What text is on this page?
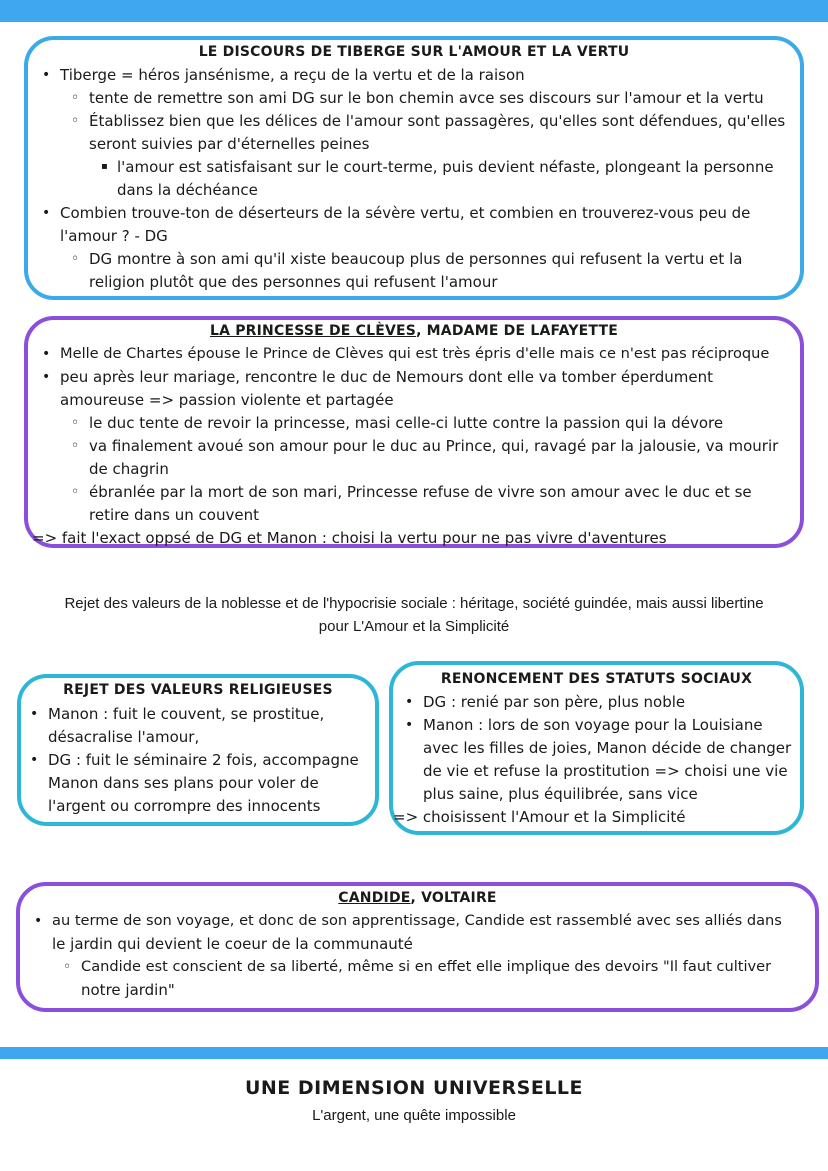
LE DISCOURS DE TIBERGE SUR L'AMOUR ET LA VERTU
• Tiberge = héros jansénisme, a reçu de la vertu et de la raison
◦ tente de remettre son ami DG sur le bon chemin avce ses discours sur l'amour et la vertu
◦ Établissez bien que les délices de l'amour sont passagères, qu'elles sont défendues, qu'elles
seront suivies par d'éternelles peines
▪ l'amour est satisfaisant sur le court-terme, puis devient néfaste, plongeant la personne
dans la déchéance
• Combien trouve-ton de déserteurs de la sévère vertu, et combien en trouverez-vous peu de
l'amour ? - DG
◦ DG montre à son ami qu'il xiste beaucoup plus de personnes qui refusent la vertu et la
religion plutôt que des personnes qui refusent l'amour
LA PRINCESSE DE CLÈVES, MADAME DE LAFAYETTE
• Melle de Chartes épouse le Prince de Clèves qui est très épris d'elle mais ce n'est pas réciproque
• peu après leur mariage, rencontre le duc de Nemours dont elle va tomber éperdument
amoureuse => passion violente et partagée
◦ le duc tente de revoir la princesse, masi celle-ci lutte contre la passion qui la dévore
◦ va finalement avoué son amour pour le duc au Prince, qui, ravagé par la jalousie, va mourir
de chagrin
◦ ébranlée par la mort de son mari, Princesse refuse de vivre son amour avec le duc et se
retire dans un couvent
=> fait l'exact oppsé de DG et Manon : choisi la vertu pour ne pas vivre d'aventures
Rejet des valeurs de la noblesse et de l'hypocrisie sociale : héritage, société guindée, mais aussi libertine
pour L'Amour et la Simplicité
REJET DES VALEURS RELIGIEUSES
• Manon : fuit le couvent, se prostitue,
désacralise l'amour,
• DG : fuit le séminaire 2 fois, accompagne
Manon dans ses plans pour voler de
l'argent ou corrompre des innocents
RENONCEMENT DES STATUTS SOCIAUX
• DG : renié par son père, plus noble
• Manon : lors de son voyage pour la Louisiane
avec les filles de joies, Manon décide de changer
de vie et refuse la prostitution => choisi une vie
plus saine, plus équilibrée, sans vice
=> choisissent l'Amour et la Simplicité
CANDIDE, VOLTAIRE
• au terme de son voyage, et donc de son apprentissage, Candide est rassemblé avec ses alliés dans
le jardin qui devient le coeur de la communauté
◦ Candide est conscient de sa liberté, même si en effet elle implique des devoirs "Il faut cultiver
notre jardin"
UNE DIMENSION UNIVERSELLE
L'argent, une quête impossible
